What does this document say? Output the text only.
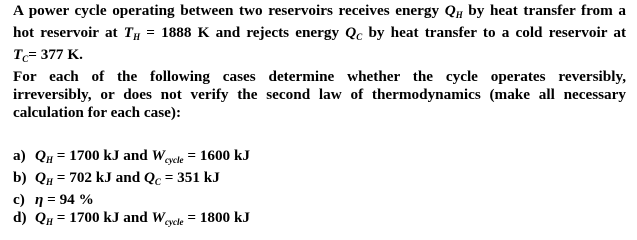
A power cycle operating between two reservoirs receives energy $Q_H$ by heat transfer from a
hot reservoir at $T_H = 1888$ K and rejects energy $Q_C$ by heat transfer to a cold reservoir at
$T_C= 377$ K.

For each of the following cases determine whether the cycle operates reversibly,
irreversibly, or does not verify the second law of thermodynamics (make all necessary
calculation for each case):

a) $Q_H = 1700$ kJ and $W_{cycle} = 1600$ kJ
b) $Q_H = 702$ kJ and $Q_C = 351$ kJ
c) η = 94 %
d) $Q_H = 1700$ kJ and $W_{cycle} = 1800$ kJ
